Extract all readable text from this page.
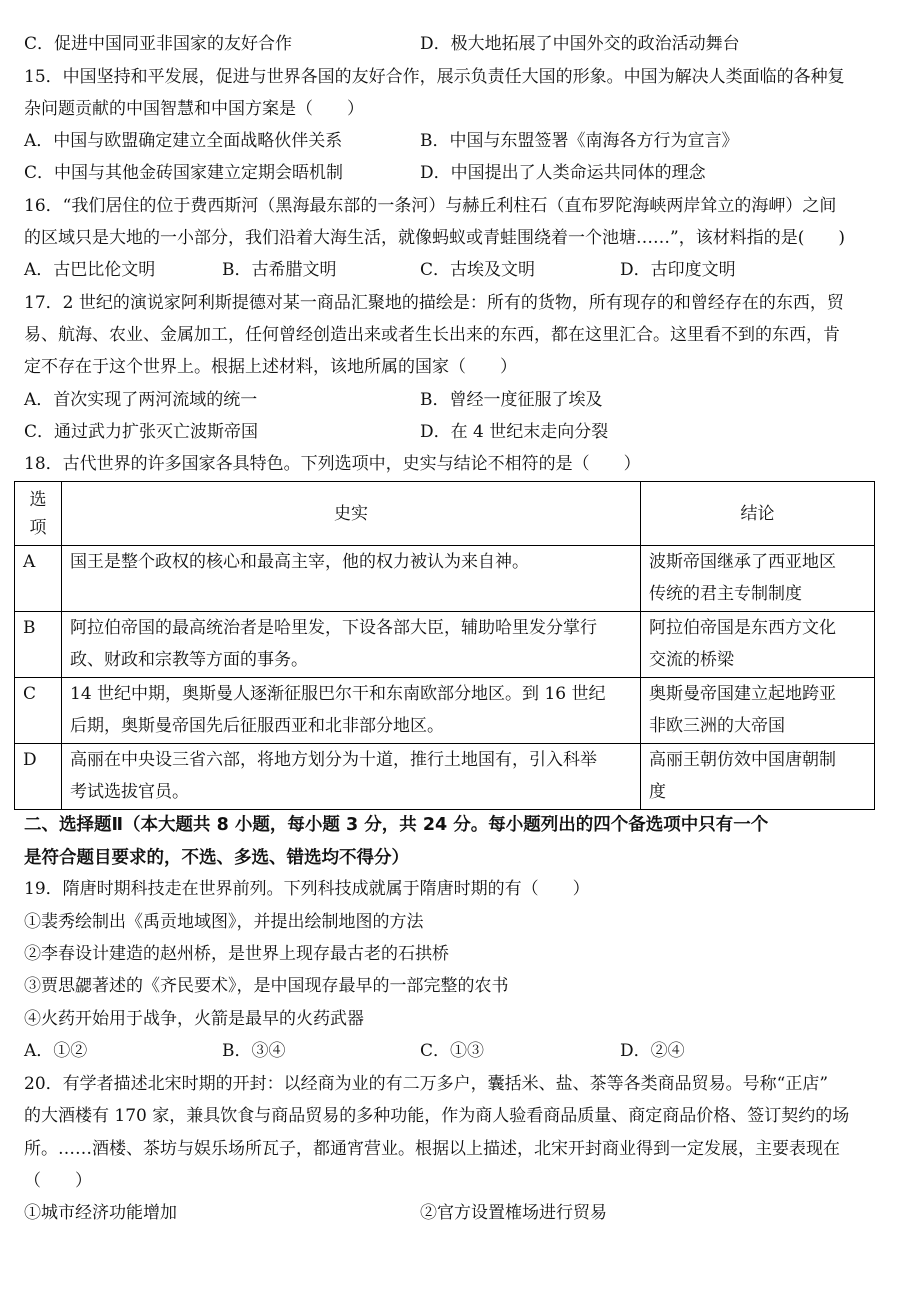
C．促进中国同亚非国家的友好合作	D．极大地拓展了中国外交的政治活动舞台
15．中国坚持和平发展，促进与世界各国的友好合作，展示负责任大国的形象。中国为解决人类面临的各种复
杂问题贡献的中国智慧和中国方案是（　　）
A．中国与欧盟确定建立全面战略伙伴关系	B．中国与东盟签署《南海各方行为宣言》
C．中国与其他金砖国家建立定期会晤机制	D．中国提出了人类命运共同体的理念
16．“我们居住的位于费西斯河（黑海最东部的一条河）与赫丘利柱石（直布罗陀海峡两岸耸立的海岬）之间
的区域只是大地的一小部分，我们沿着大海生活，就像蚂蚁或青蛙围绕着一个池塘……”，该材料指的是(　　)
A．古巴比伦文明	B．古希腊文明	C．古埃及文明	D．古印度文明
17．2 世纪的演说家阿利斯提德对某一商品汇聚地的描绘是：所有的货物，所有现存的和曾经存在的东西，贸
易、航海、农业、金属加工，任何曾经创造出来或者生长出来的东西，都在这里汇合。这里看不到的东西，肯
定不存在于这个世界上。根据上述材料，该地所属的国家（　　）
A．首次实现了两河流域的统一	B．曾经一度征服了埃及
C．通过武力扩张灭亡波斯帝国	D．在 4 世纪末走向分裂
18．古代世界的许多国家各具特色。下列选项中，史实与结论不相符的是（　　）
选
项	史实	结论
A	国王是整个政权的核心和最高主宰，他的权力被认为来自神。	波斯帝国继承了西亚地区
传统的君主专制制度
B	阿拉伯帝国的最高统治者是哈里发，下设各部大臣，辅助哈里发分掌行
政、财政和宗教等方面的事务。	阿拉伯帝国是东西方文化
交流的桥梁
C	14 世纪中期，奥斯曼人逐渐征服巴尔干和东南欧部分地区。到 16 世纪
后期，奥斯曼帝国先后征服西亚和北非部分地区。	奥斯曼帝国建立起地跨亚
非欧三洲的大帝国
D	高丽在中央设三省六部，将地方划分为十道，推行土地国有，引入科举
考试选拔官员。	高丽王朝仿效中国唐朝制
度
二、选择题Ⅱ（本大题共 8 小题，每小题 3 分，共 24 分。每小题列出的四个备选项中只有一个
是符合题目要求的，不选、多选、错选均不得分）
19．隋唐时期科技走在世界前列。下列科技成就属于隋唐时期的有（　　）
①裴秀绘制出《禹贡地域图》，并提出绘制地图的方法
②李春设计建造的赵州桥，是世界上现存最古老的石拱桥
③贾思勰著述的《齐民要术》，是中国现存最早的一部完整的农书
④火药开始用于战争，火箭是最早的火药武器
A．①②	B．③④	C．①③	D．②④
20．有学者描述北宋时期的开封：以经商为业的有二万多户，囊括米、盐、茶等各类商品贸易。号称“正店”
的大酒楼有 170 家，兼具饮食与商品贸易的多种功能，作为商人验看商品质量、商定商品价格、签订契约的场
所。……酒楼、茶坊与娱乐场所瓦子，都通宵营业。根据以上描述，北宋开封商业得到一定发展，主要表现在
（　　）
①城市经济功能增加	②官方设置榷场进行贸易
